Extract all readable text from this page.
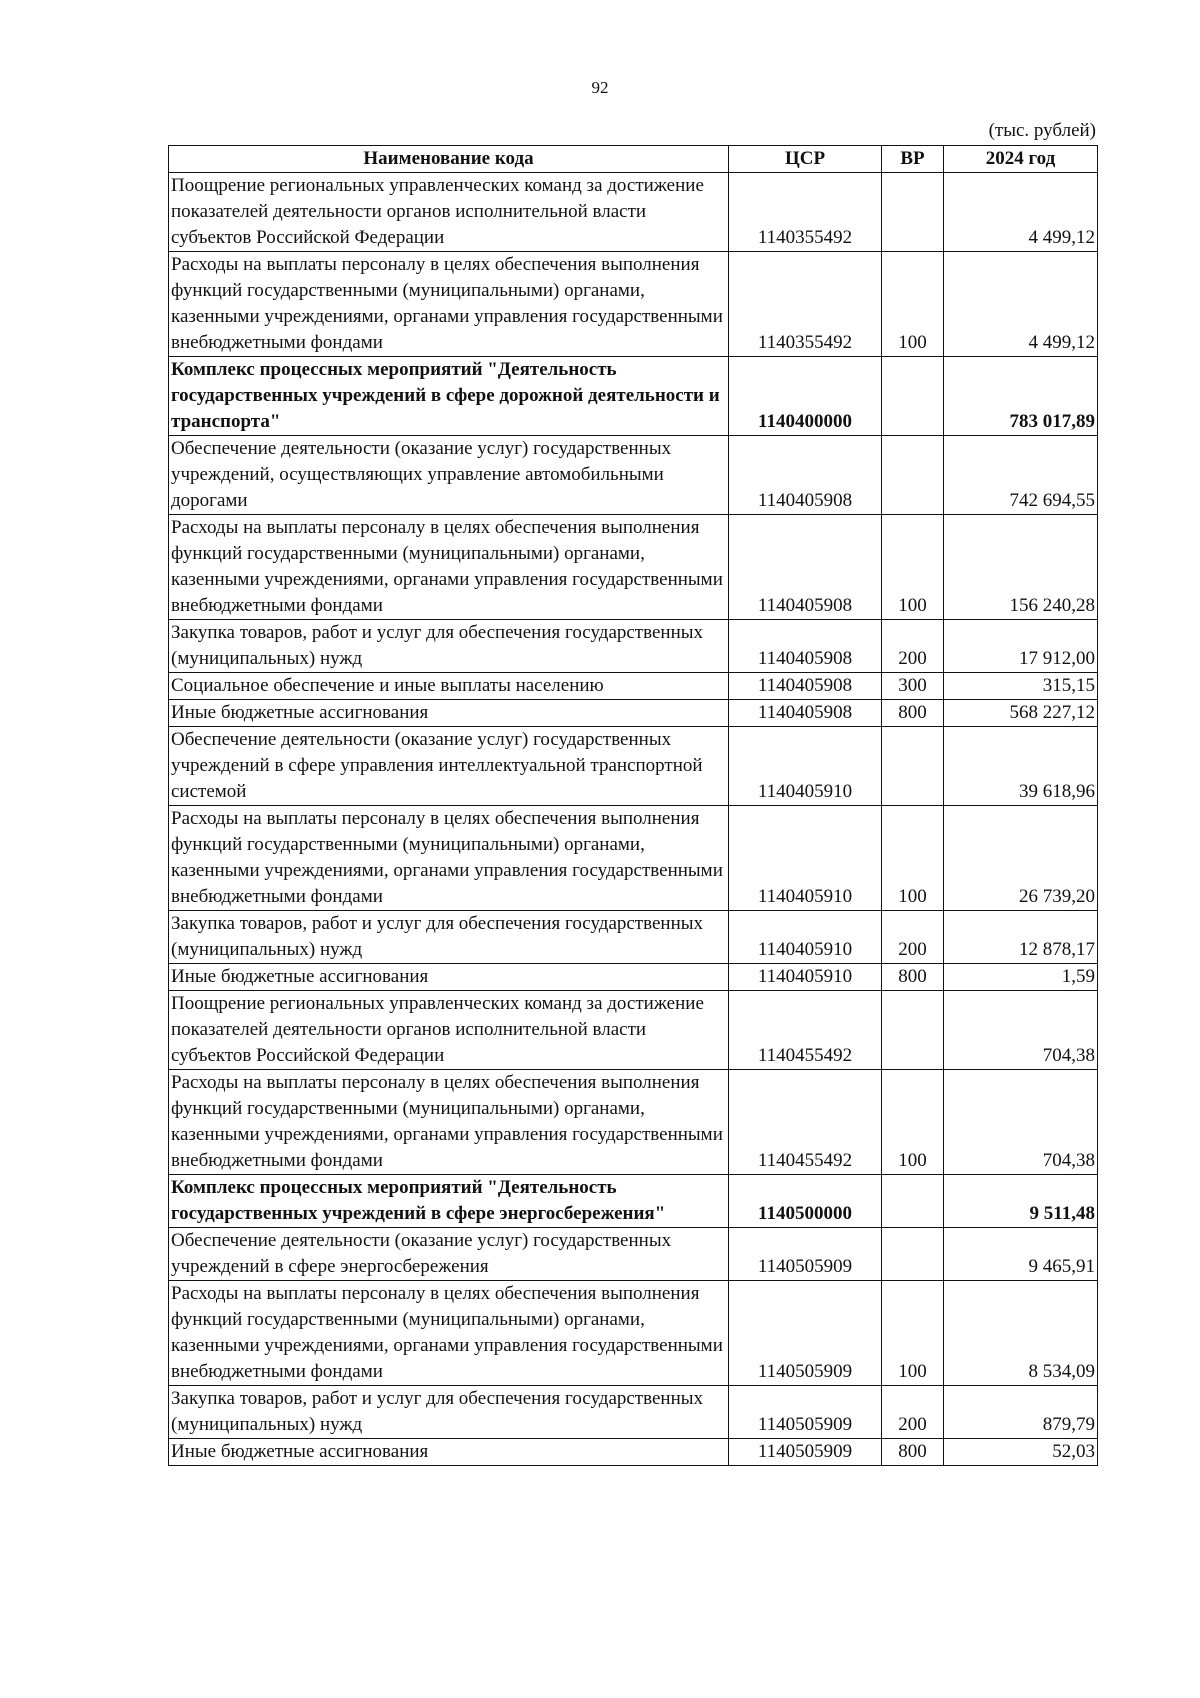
92
(тыс. рублей)
Наименование кода	ЦСР	ВР	2024 год
Поощрение региональных управленческих команд за достижение показателей деятельности органов исполнительной власти субъектов Российской Федерации	1140355492		4 499,12
Расходы на выплаты персоналу в целях обеспечения выполнения функций государственными (муниципальными) органами, казенными учреждениями, органами управления государственными внебюджетными фондами	1140355492	100	4 499,12
Комплекс процессных мероприятий "Деятельность государственных учреждений в сфере дорожной деятельности и транспорта"	1140400000		783 017,89
Обеспечение деятельности (оказание услуг) государственных учреждений, осуществляющих управление автомобильными дорогами	1140405908		742 694,55
Расходы на выплаты персоналу в целях обеспечения выполнения функций государственными (муниципальными) органами, казенными учреждениями, органами управления государственными внебюджетными фондами	1140405908	100	156 240,28
Закупка товаров, работ и услуг для обеспечения государственных (муниципальных) нужд	1140405908	200	17 912,00
Социальное обеспечение и иные выплаты населению	1140405908	300	315,15
Иные бюджетные ассигнования	1140405908	800	568 227,12
Обеспечение деятельности (оказание услуг) государственных учреждений в сфере управления интеллектуальной транспортной системой	1140405910		39 618,96
Расходы на выплаты персоналу в целях обеспечения выполнения функций государственными (муниципальными) органами, казенными учреждениями, органами управления государственными внебюджетными фондами	1140405910	100	26 739,20
Закупка товаров, работ и услуг для обеспечения государственных (муниципальных) нужд	1140405910	200	12 878,17
Иные бюджетные ассигнования	1140405910	800	1,59
Поощрение региональных управленческих команд за достижение показателей деятельности органов исполнительной власти субъектов Российской Федерации	1140455492		704,38
Расходы на выплаты персоналу в целях обеспечения выполнения функций государственными (муниципальными) органами, казенными учреждениями, органами управления государственными внебюджетными фондами	1140455492	100	704,38
Комплекс процессных мероприятий "Деятельность государственных учреждений в сфере энергосбережения"	1140500000		9 511,48
Обеспечение деятельности (оказание услуг) государственных учреждений в сфере энергосбережения	1140505909		9 465,91
Расходы на выплаты персоналу в целях обеспечения выполнения функций государственными (муниципальными) органами, казенными учреждениями, органами управления государственными внебюджетными фондами	1140505909	100	8 534,09
Закупка товаров, работ и услуг для обеспечения государственных (муниципальных) нужд	1140505909	200	879,79
Иные бюджетные ассигнования	1140505909	800	52,03
